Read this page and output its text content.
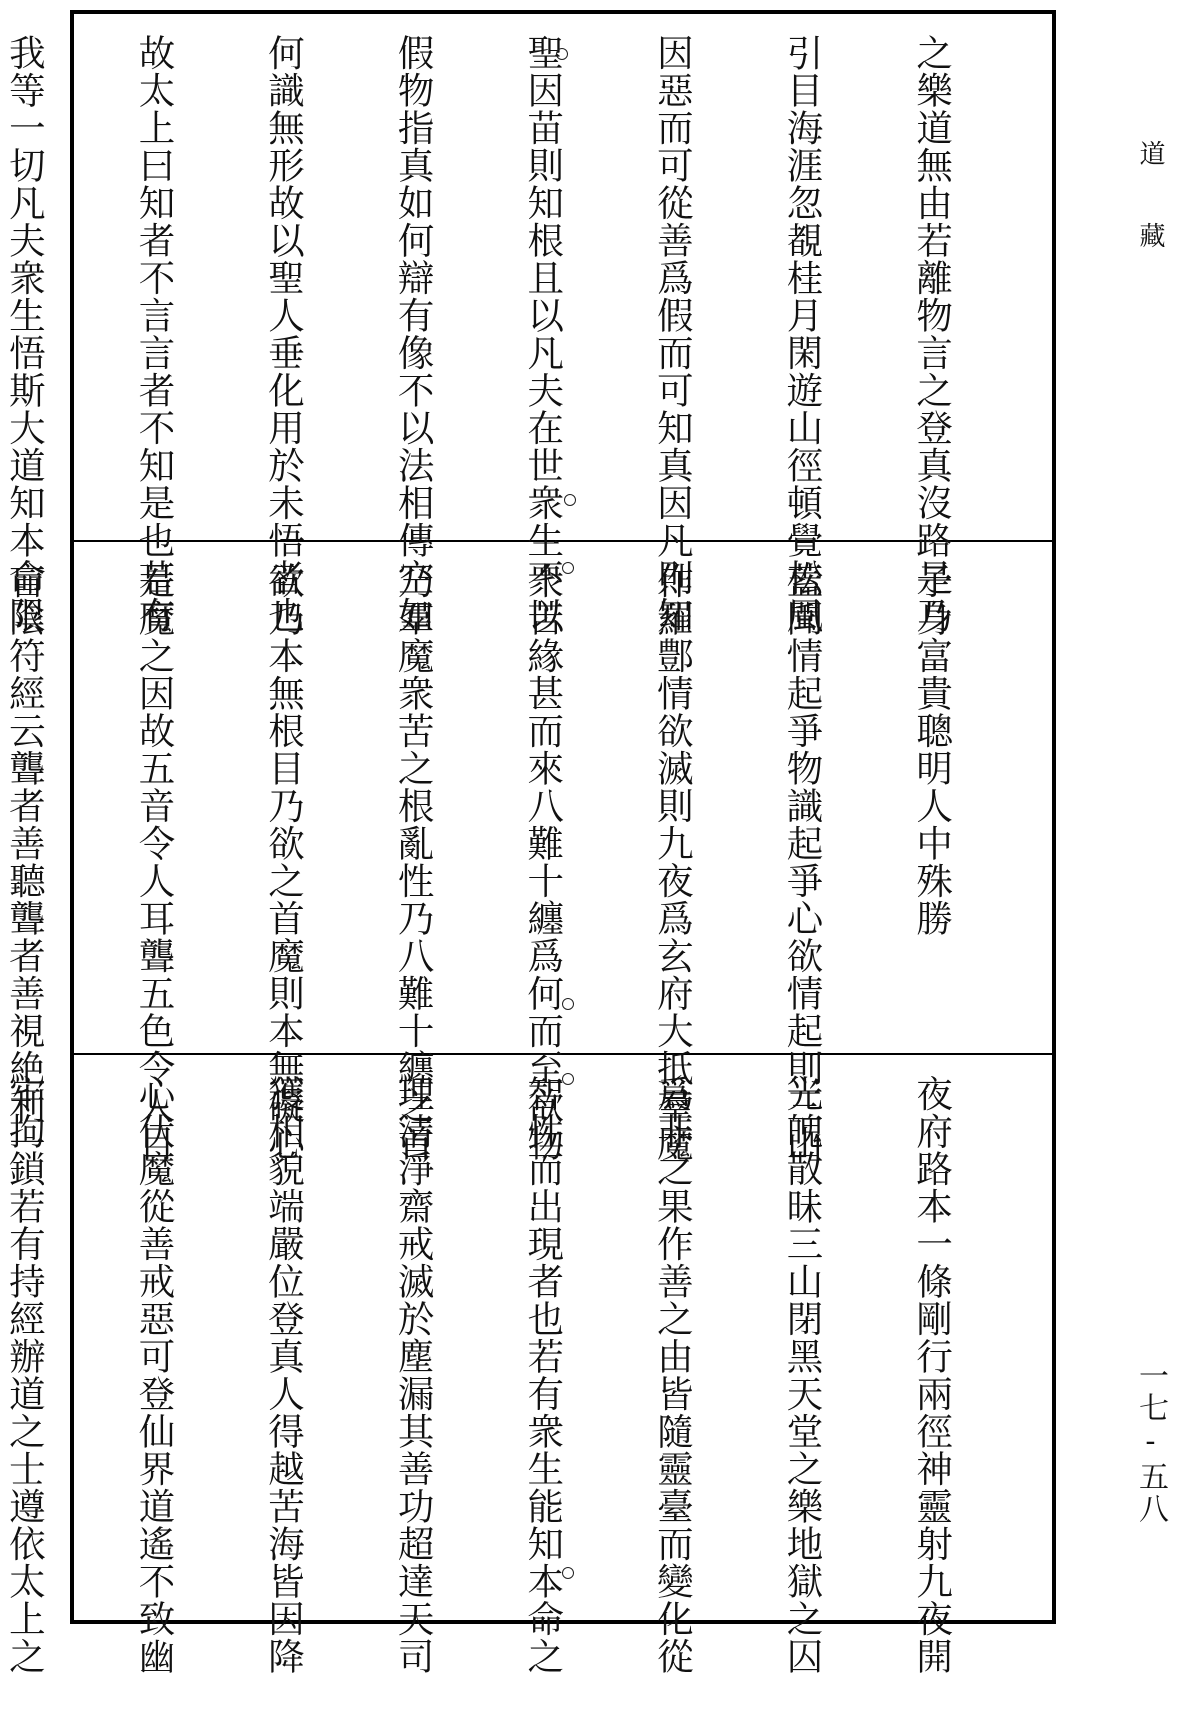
道藏
一七-五八

之樂道無由若離物言之登真沒路是乃

引目海涯忽覩桂月閑遊山徑頓覺松風

因惡而可從善爲假而可知真因凡則知

聖因苗則知根且以凡夫在世衆生不以

假物指真如何辯有像不以法相傳空如

何識無形故以聖人垂化用於未悟者也

故太上曰知者不言言者不知是也若有

我等一切凡夫衆生悟斯大道知本命限

子身富貴聰明人中殊勝

蓋聞情起爭物識起爭心欲情起則三山

作羅鄷情欲滅則九夜爲玄府大抵羣魔

衆苦緣甚而來八難十纏爲何而至欲物

乃羣魔衆苦之根亂性乃八難十纏之首

欲乃本無根目乃欲之首魔則本無礙心

是魔之因故五音令人耳聾五色令人目

盲陰符經云聾者善聽聾者善視絶利一

夜府路本一條剛行兩徑神靈射九夜開

光魄散昧三山閉黑天堂之樂地獄之囚

爲非之果作善之由皆隨靈臺而變化從

智性而出現者也若有衆生能知本命之

理清淨齋戒滅於塵漏其善功超達天司

獲相貌端嚴位登真人得越苦海皆因降

心伏魔從善戒惡可登仙界道遙不致幽

牢拘鎖若有持經辦道之士遵依太上之
